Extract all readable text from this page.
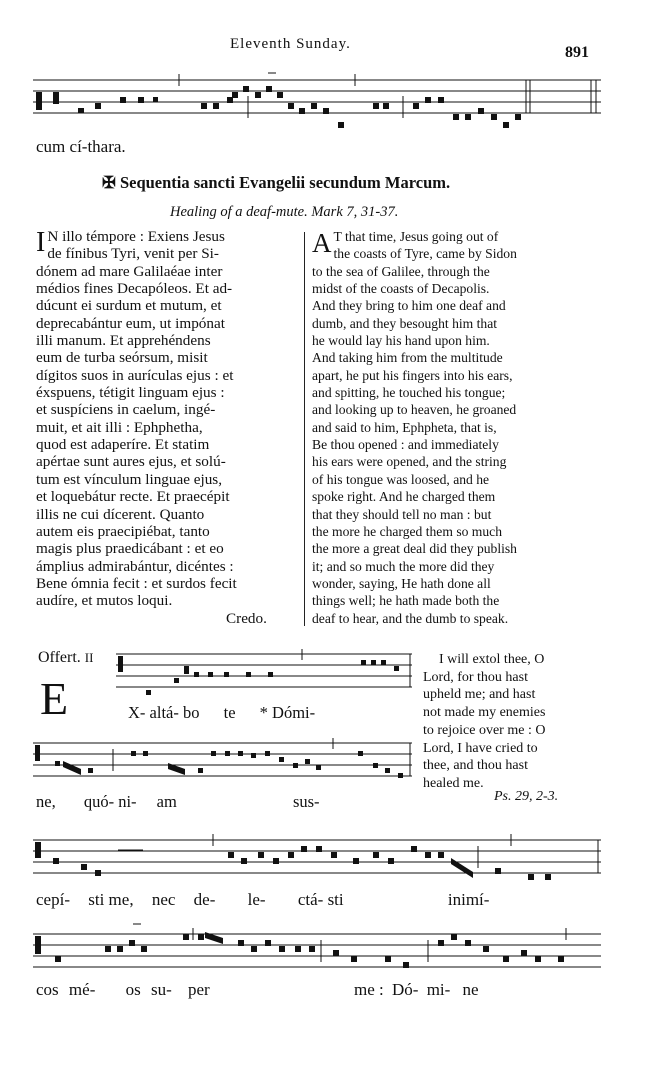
Eleventh Sunday.	891
cum cí-thara.
✠ Sequentia sancti Evangelii secundum Marcum.
Healing of a deaf-mute. Mark 7, 31-37.
I N illo témpore : Exiens Jesus
de fínibus Tyri, venit per Si-
dónem ad mare Galilaéae inter
médios fines Decapóleos. Et ad-
dúcunt ei surdum et mutum, et
deprecabántur eum, ut impónat
illi manum. Et apprehéndens
eum de turba seórsum, misit
dígitos suos in aurículas ejus : et
éxspuens, tétigit linguam ejus :
et suspíciens in caelum, ingé-
muit, et ait illi : Ephphetha,
quod est adaperíre. Et statim
apértae sunt aures ejus, et solú-
tum est vínculum linguae ejus,
et loquebátur recte. Et praecépit
illis ne cui dícerent. Quanto
autem eis praecipiébat, tanto
magis plus praedicábant : et eo
ámplius admirabántur, dicéntes :
Bene ómnia fecit : et surdos fecit
audíre, et mutos loqui.
Credo.
A T that time, Jesus going out of
the coasts of Tyre, came by Sidon
to the sea of Galilee, through the
midst of the coasts of Decapolis.
And they bring to him one deaf and
dumb, and they besought him that
he would lay his hand upon him.
And taking him from the multitude
apart, he put his fingers into his ears,
and spitting, he touched his tongue;
and looking up to heaven, he groaned
and said to him, Ephpheta, that is,
Be thou opened : and immediately
his ears were opened, and the string
of his tongue was loosed, and he
spoke right. And he charged them
that they should tell no man : but
the more he charged them so much
the more a great deal did they publish
it; and so much the more did they
wonder, saying, He hath done all
things well; he hath made both the
deaf to hear, and the dumb to speak.
Offert. II
E	X- altá- bo te * Dómi-
ne, quó- ni- am	sus-
I will extol thee, O
Lord, for thou hast
upheld me; and hast
not made my enemies
to rejoice over me : O
Lord, I have cried to
thee, and thou hast
healed me.
Ps. 29, 2-3.
cepí- sti me, nec de- le- ctá- sti	inimí-
cos mé- os su- per	me : Dó- mi- ne
